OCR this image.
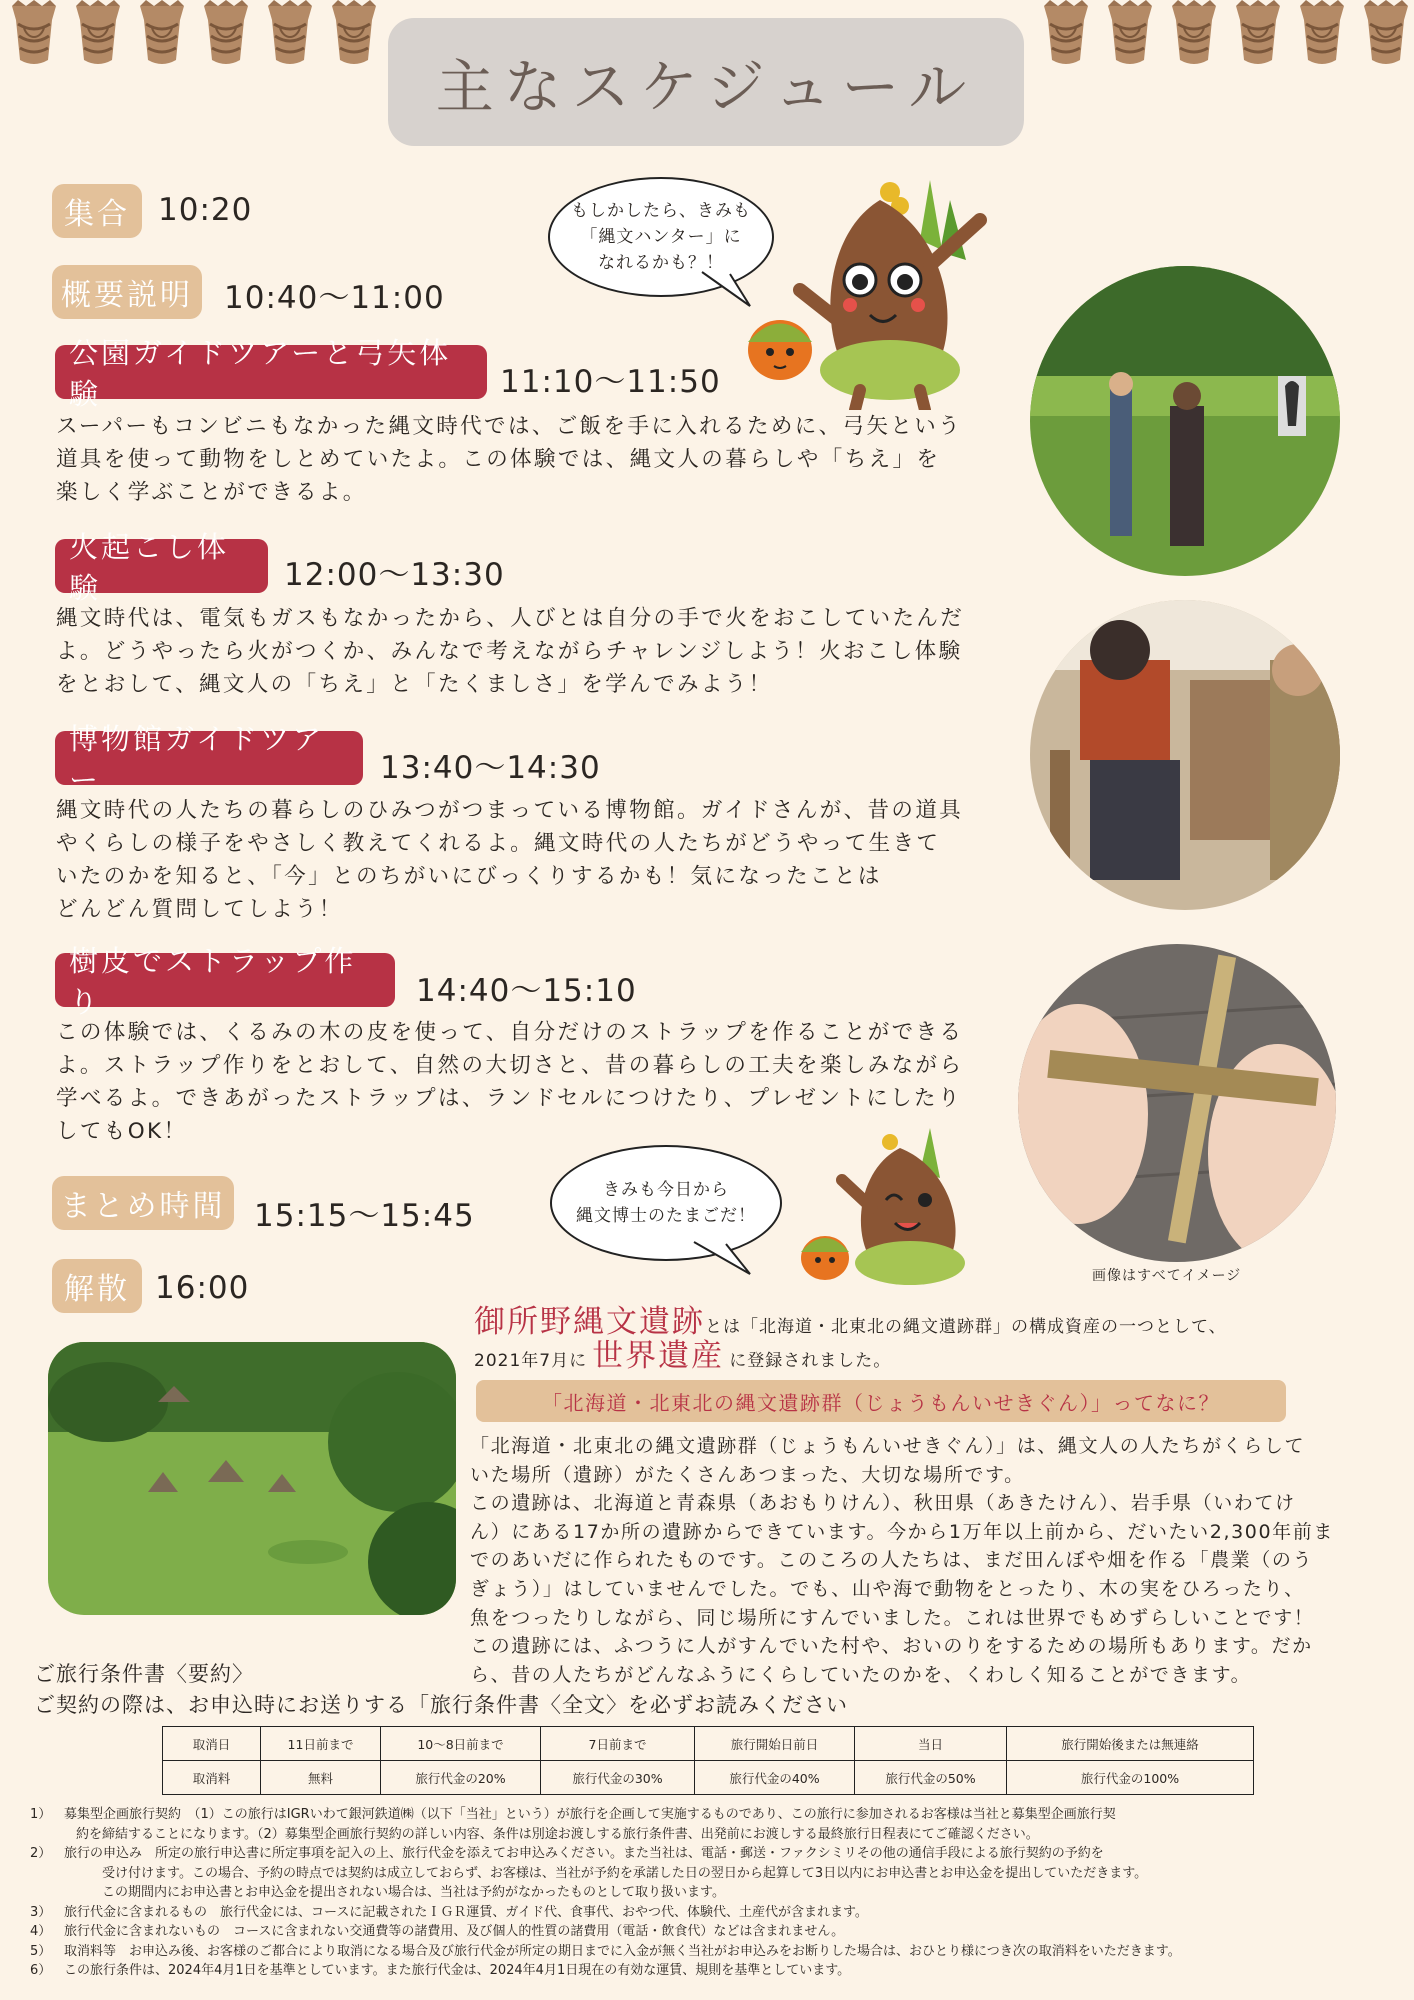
主なスケジュール
集合 10:20
概要説明 10:40〜11:00
公園ガイドツアーと弓矢体験	11:10〜11:50
スーパーもコンビニもなかった縄文時代では、ご飯を手に入れるために、弓矢という
道具を使って動物をしとめていたよ。この体験では、縄文人の暮らしや「ちえ」を
楽しく学ぶことができるよ。
火起こし体験	12:00〜13:30
縄文時代は、電気もガスもなかったから、人びとは自分の手で火をおこしていたんだ
よ。どうやったら火がつくか、みんなで考えながらチャレンジしよう！火おこし体験
をとおして、縄文人の「ちえ」と「たくましさ」を学んでみよう！
博物館ガイドツアー	13:40〜14:30
縄文時代の人たちの暮らしのひみつがつまっている博物館。ガイドさんが、昔の道具
やくらしの様子をやさしく教えてくれるよ。縄文時代の人たちがどうやって生きて
いたのかを知ると、「今」とのちがいにびっくりするかも！気になったことは
どんどん質問してしよう！
樹皮でストラップ作り	14:40〜15:10
この体験では、くるみの木の皮を使って、自分だけのストラップを作ることができる
よ。ストラップ作りをとおして、自然の大切さと、昔の暮らしの工夫を楽しみながら
学べるよ。できあがったストラップは、ランドセルにつけたり、プレゼントにしたり
してもOK！
まとめ時間 15:15〜15:45
解散 16:00
もしかしたら、きみも
「縄文ハンター」に
なれるかも？！
きみも今日から
縄文博士のたまごだ！
画像はすべてイメージ
御所野縄文遺跡とは「北海道・北東北の縄文遺跡群」の構成資産の一つとして、
2021年7月に 世界遺産 に登録されました。
「北海道・北東北の縄文遺跡群（じょうもんいせきぐん）」ってなに？
「北海道・北東北の縄文遺跡群（じょうもんいせきぐん）」は、縄文人の人たちがくらして
いた場所（遺跡）がたくさんあつまった、大切な場所です。
この遺跡は、北海道と青森県（あおもりけん）、秋田県（あきたけん）、岩手県（いわてけ
ん）にある17か所の遺跡からできています。今から1万年以上前から、だいたい2,300年前ま
でのあいだに作られたものです。このころの人たちは、まだ田んぼや畑を作る「農業（のう
ぎょう）」はしていませんでした。でも、山や海で動物をとったり、木の実をひろったり、
魚をつったりしながら、同じ場所にすんでいました。これは世界でもめずらしいことです！
この遺跡には、ふつうに人がすんでいた村や、おいのりをするための場所もあります。だか
ら、昔の人たちがどんなふうにくらしていたのかを、くわしく知ることができます。
ご旅行条件書〈要約〉
ご契約の際は、お申込時にお送りする「旅行条件書〈全文〉を必ずお読みください
取消日	11日前まで	10〜8日前まで	7日前まで	旅行開始日前日	当日	旅行開始後または無連絡
取消料	無料	旅行代金の20%	旅行代金の30%	旅行代金の40%	旅行代金の50%	旅行代金の100%
1） 募集型企画旅行契約　（1）この旅行はIGRいわて銀河鉄道㈱（以下「当社」という）が旅行を企画して実施するものであり、この旅行に参加されるお客様は当社と募集型企画旅行契
約を締結することになります。（2）募集型企画旅行契約の詳しい内容、条件は別途お渡しする旅行条件書、出発前にお渡しする最終旅行日程表にてご確認ください。
2） 旅行の申込み　所定の旅行申込書に所定事項を記入の上、旅行代金を添えてお申込みください。また当社は、電話・郵送・ファクシミリその他の通信手段による旅行契約の予約を
受け付けます。この場合、予約の時点では契約は成立しておらず、お客様は、当社が予約を承諾した日の翌日から起算して3日以内にお申込書とお申込金を提出していただきます。
この期間内にお申込書とお申込金を提出されない場合は、当社は予約がなかったものとして取り扱います。
3） 旅行代金に含まれるもの　旅行代金には、コースに記載されたＩＧＲ運賃、ガイド代、食事代、おやつ代、体験代、土産代が含まれます。
4） 旅行代金に含まれないもの　コースに含まれない交通費等の諸費用、及び個人的性質の諸費用（電話・飲食代）などは含まれません。
5） 取消料等　お申込み後、お客様のご都合により取消になる場合及び旅行代金が所定の期日までに入金が無く当社がお申込みをお断りした場合は、おひとり様につき次の取消料をいただきます。
6） この旅行条件は、2024年4月1日を基準としています。また旅行代金は、2024年4月1日現在の有効な運賃、規則を基準としています。
